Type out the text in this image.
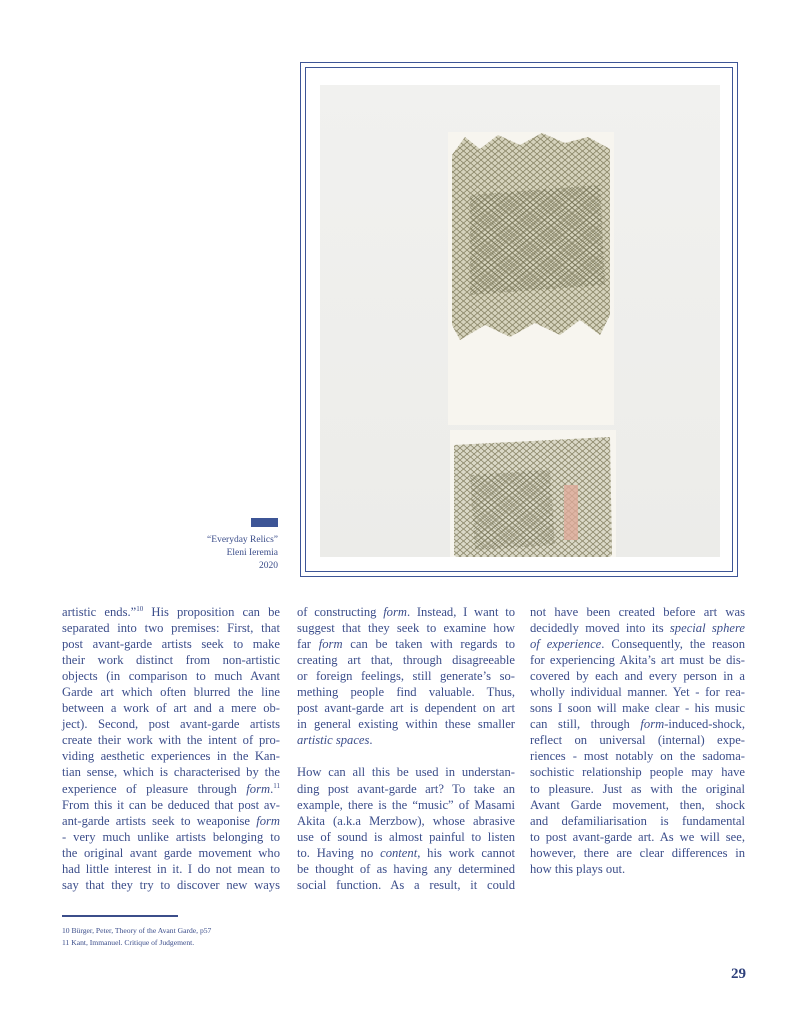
“Everyday Relics”
Eleni Ieremia
2020
artistic ends.”$^{10}$ His proposition can be
separated into two premises: First, that
post avant-garde artists seek to make
their work distinct from non-artistic
objects (in comparison to much Avant
Garde art which often blurred the line
between a work of art and a mere ob-
ject). Second, post avant-garde artists
create their work with the intent of pro-
viding aesthetic experiences in the Kan-
tian sense, which is characterised by the
experience of pleasure through form.$^{11}$
From this it can be deduced that post av-
ant-garde artists seek to weaponise form
- very much unlike artists belonging to
the original avant garde movement who
had little interest in it. I do not mean to
say that they try to discover new ways
of constructing form. Instead, I want to
suggest that they seek to examine how
far form can be taken with regards to
creating art that, through disagreeable
or foreign feelings, still generate’s so-
mething people find valuable. Thus,
post avant-garde art is dependent on art
in general existing within these smaller
artistic spaces.
How can all this be used in understan-
ding post avant-garde art? To take an
example, there is the “music” of Masami
Akita (a.k.a Merzbow), whose abrasive
use of sound is almost painful to listen
to. Having no content, his work cannot
be thought of as having any determined
social function. As a result, it could
not have been created before art was
decidedly moved into its special sphere
of experience. Consequently, the reason
for experiencing Akita’s art must be dis-
covered by each and every person in a
wholly individual manner. Yet - for rea-
sons I soon will make clear - his music
can still, through form-induced-shock,
reflect on universal (internal) expe-
riences - most notably on the sadoma-
sochistic relationship people may have
to pleasure. Just as with the original
Avant Garde movement, then, shock
and defamiliarisation is fundamental
to post avant-garde art. As we will see,
however, there are clear differences in
how this plays out.
10 Bürger, Peter, Theory of the Avant Garde, p57
11 Kant, Immanuel. Critique of Judgement.
29
